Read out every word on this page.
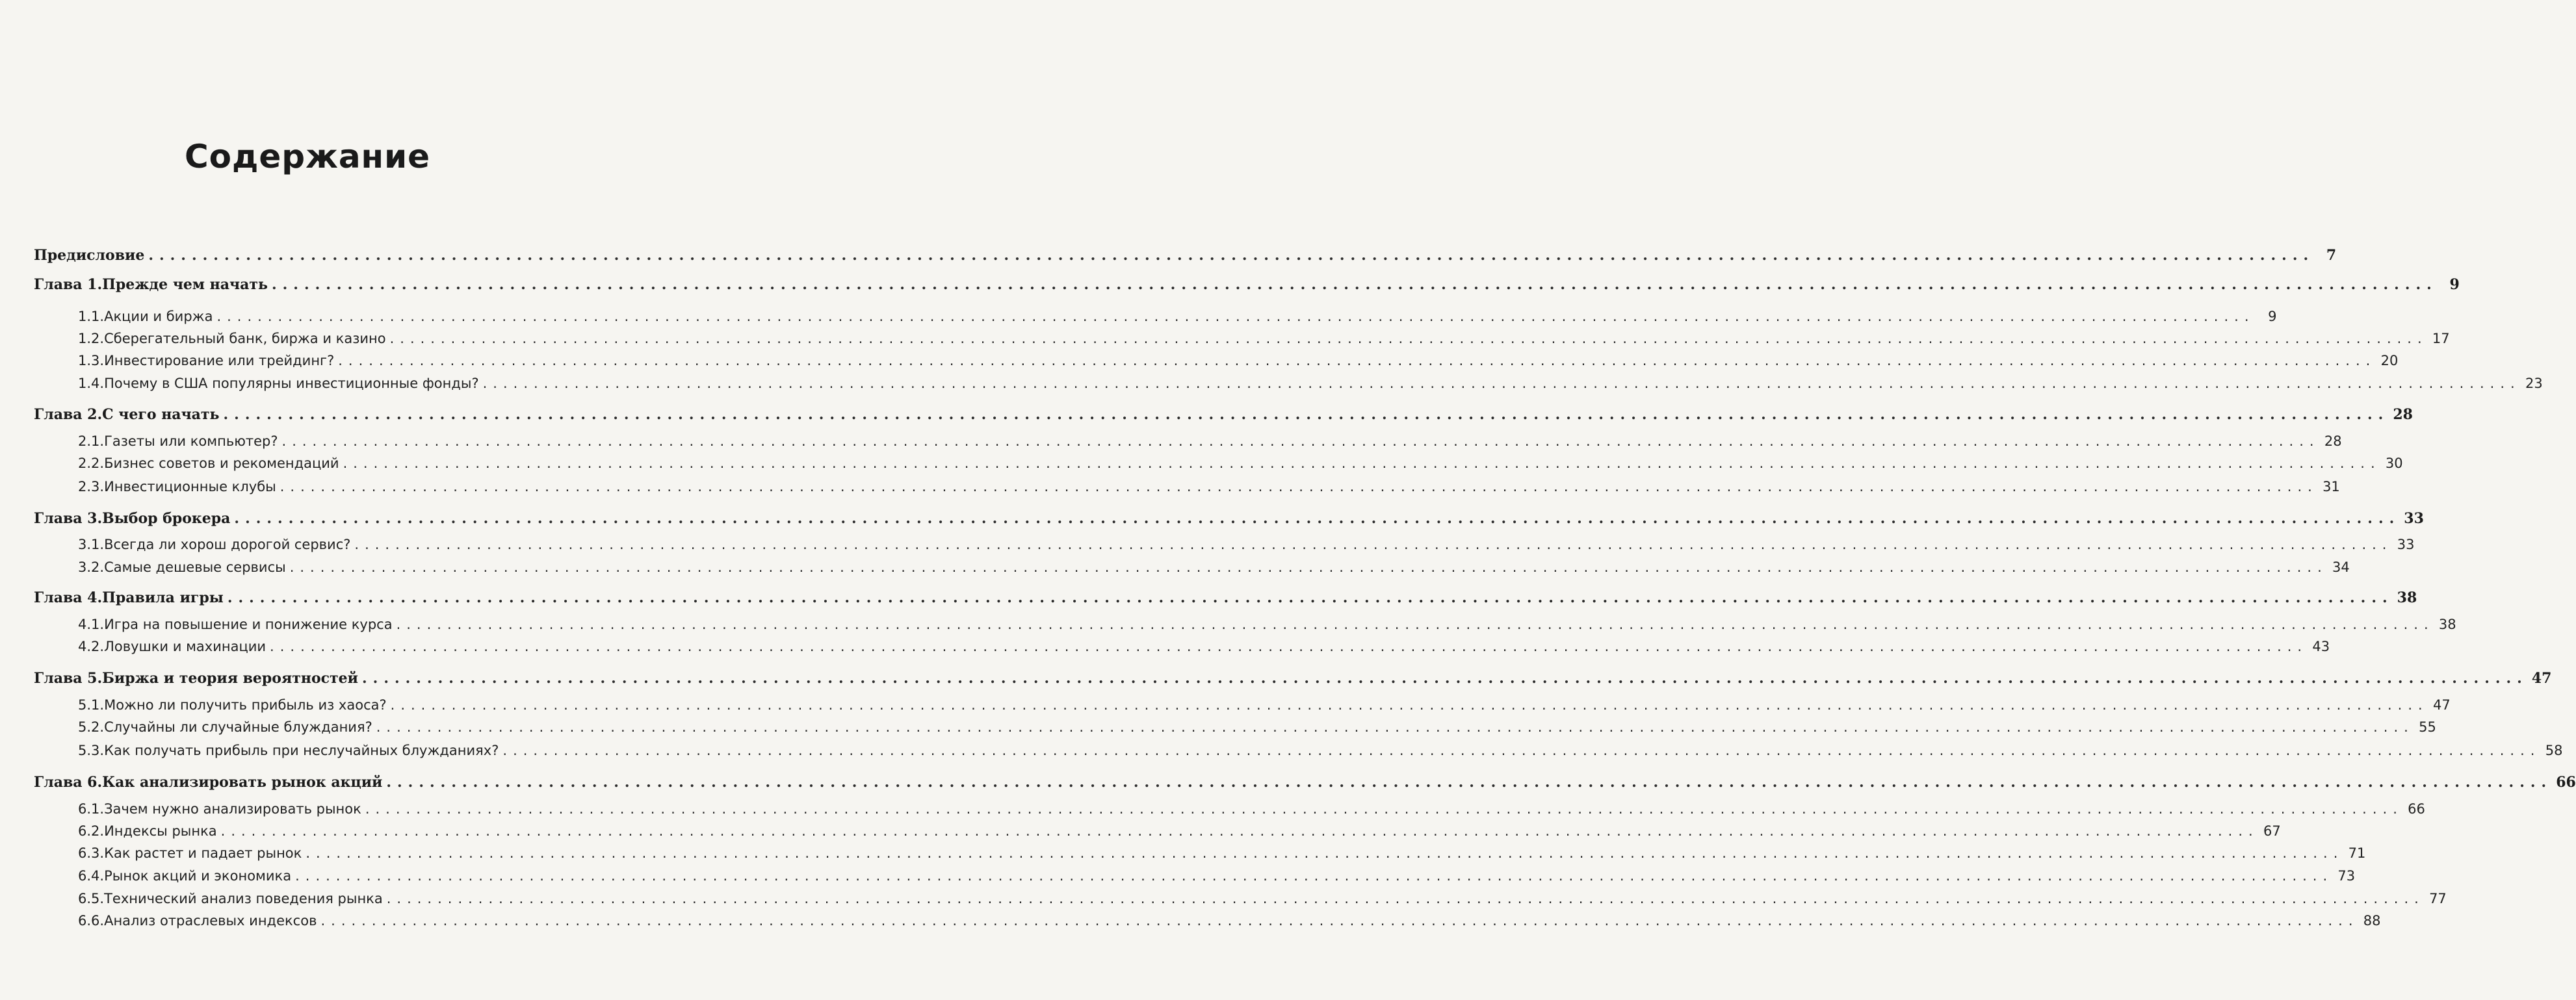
Содержание
Предисловие ........................................................................................................................................................................................................ 7
Глава 1. Прежде чем начать ........................................................................................................................................................................................................ 9
1.1. Акции и биржа ........................................................................................................................................................................................................ 9
1.2. Сберегательный банк, биржа и казино ........................................................................................................................................................................................................ 17
1.3. Инвестирование или трейдинг? ........................................................................................................................................................................................................ 20
1.4. Почему в США популярны инвестиционные фонды? ........................................................................................................................................................................................................ 23
Глава 2. С чего начать ........................................................................................................................................................................................................ 28
2.1. Газеты или компьютер? ........................................................................................................................................................................................................ 28
2.2. Бизнес советов и рекомендаций ........................................................................................................................................................................................................ 30
2.3. Инвестиционные клубы ........................................................................................................................................................................................................ 31
Глава 3. Выбор брокера ........................................................................................................................................................................................................ 33
3.1. Всегда ли хорош дорогой сервис? ........................................................................................................................................................................................................ 33
3.2. Самые дешевые сервисы ........................................................................................................................................................................................................ 34
Глава 4. Правила игры ........................................................................................................................................................................................................ 38
4.1. Игра на повышение и понижение курса ........................................................................................................................................................................................................ 38
4.2. Ловушки и махинации ........................................................................................................................................................................................................ 43
Глава 5. Биржа и теория вероятностей ........................................................................................................................................................................................................ 47
5.1. Можно ли получить прибыль из хаоса? ........................................................................................................................................................................................................ 47
5.2. Случайны ли случайные блуждания? ........................................................................................................................................................................................................ 55
5.3. Как получать прибыль при неслучайных блужданиях? ........................................................................................................................................................................................................ 58
Глава 6. Как анализировать рынок акций ........................................................................................................................................................................................................ 66
6.1. Зачем нужно анализировать рынок ........................................................................................................................................................................................................ 66
6.2. Индексы рынка ........................................................................................................................................................................................................ 67
6.3. Как растет и падает рынок ........................................................................................................................................................................................................ 71
6.4. Рынок акций и экономика ........................................................................................................................................................................................................ 73
6.5. Технический анализ поведения рынка ........................................................................................................................................................................................................ 77
6.6. Анализ отраслевых индексов ........................................................................................................................................................................................................ 88
